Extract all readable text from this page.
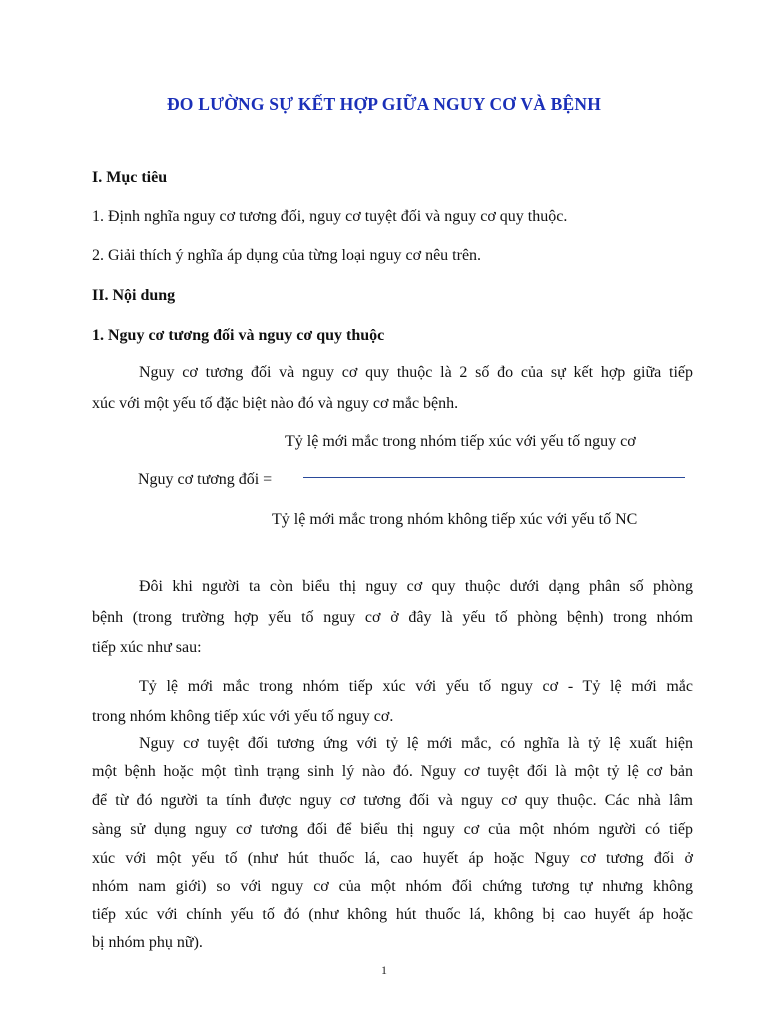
ĐO LƯỜNG SỰ KẾT HỢP GIỮA NGUY CƠ VÀ BỆNH
I. Mục tiêu
1. Định nghĩa nguy cơ tương đối, nguy cơ tuyệt đối và nguy cơ quy thuộc.
2. Giải thích ý nghĩa áp dụng của từng loại nguy cơ nêu trên.
II. Nội dung
1. Nguy cơ tương đối và nguy cơ quy thuộc
Nguy cơ tương đối và nguy cơ quy thuộc là 2 số đo của sự kết hợp giữa tiếp
xúc với một yếu tố đặc biệt nào đó và nguy cơ mắc bệnh.
Tỷ lệ mới mắc trong nhóm tiếp xúc với yếu tố nguy cơ
Nguy cơ tương đối =
Tỷ lệ mới mắc trong nhóm không tiếp xúc với yếu tố NC
Đôi khi người ta còn biểu thị nguy cơ quy thuộc dưới dạng phân số phòng
bệnh (trong trường hợp yếu tố nguy cơ ở đây là yếu tố phòng bệnh) trong nhóm
tiếp xúc như sau:
Tỷ lệ mới mắc trong nhóm tiếp xúc với yếu tố nguy cơ - Tỷ lệ mới mắc
trong nhóm không tiếp xúc với yếu tố nguy cơ.
Nguy cơ tuyệt đối tương ứng với tỷ lệ mới mắc, có nghĩa là tỷ lệ xuất hiện
một bệnh hoặc một tình trạng sinh lý nào đó. Nguy cơ tuyệt đối là một tỷ lệ cơ bản
để từ đó người ta tính được nguy cơ tương đối và nguy cơ quy thuộc. Các nhà lâm
sàng sử dụng nguy cơ tương đối để biểu thị nguy cơ của một nhóm người có tiếp
xúc với một yếu tố (như hút thuốc lá, cao huyết áp hoặc Nguy cơ tương đối ở
nhóm nam giới) so với nguy cơ của một nhóm đối chứng tương tự nhưng không
tiếp xúc với chính yếu tố đó (như không hút thuốc lá, không bị cao huyết áp hoặc
bị nhóm phụ nữ).
1
